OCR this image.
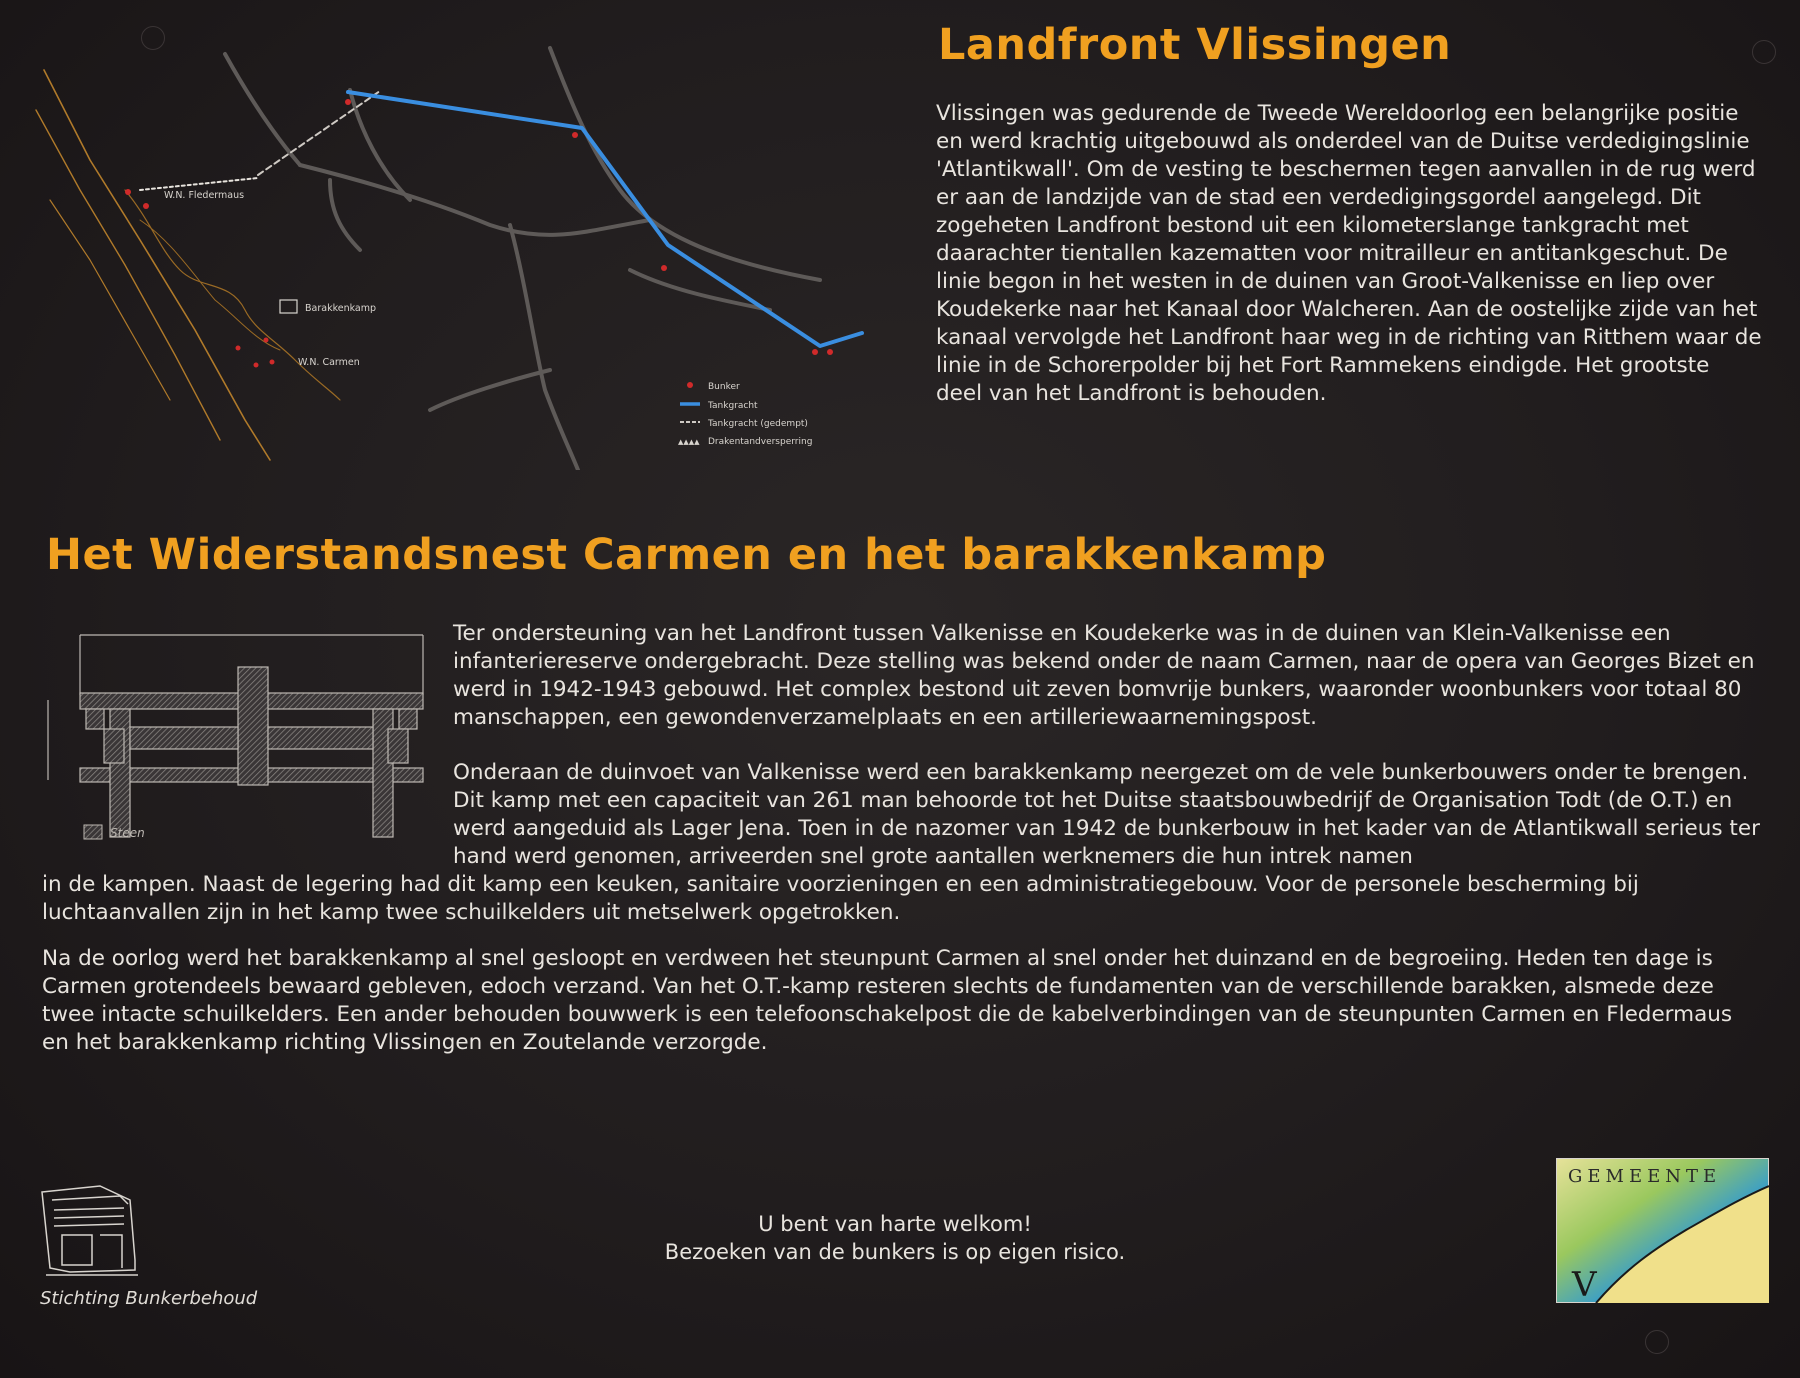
W.N. Fledermaus
Barakkenkamp
W.N. Carmen
Bunker
Tankgracht
Tankgracht (gedempt)
▲▲▲▲ Drakentandversperring
Landfront Vlissingen

Vlissingen was gedurende de Tweede Wereldoorlog een belangrijke positie en werd krachtig uitgebouwd als onderdeel van de Duitse verdedigingslinie 'Atlantikwall'. Om de vesting te beschermen tegen aanvallen in de rug werd er aan de landzijde van de stad een verdedigingsgordel aangelegd. Dit zogeheten Landfront bestond uit een kilometerslange tankgracht met daarachter tientallen kazematten voor mitrailleur en antitankgeschut. De linie begon in het westen in de duinen van Groot-Valkenisse en liep over Koudekerke naar het Kanaal door Walcheren. Aan de oostelijke zijde van het kanaal vervolgde het Landfront haar weg in de richting van Ritthem waar de linie in de Schorerpolder bij het Fort Rammekens eindigde. Het grootste deel van het Landfront is behouden.

Het Widerstandsnest Carmen en het barakkenkamp
Steen

Ter ondersteuning van het Landfront tussen Valkenisse en Koudekerke was in de duinen van Klein-Valkenisse een infanteriereserve ondergebracht. Deze stelling was bekend onder de naam Carmen, naar de opera van Georges Bizet en werd in 1942-1943 gebouwd. Het complex bestond uit zeven bomvrije bunkers, waaronder woonbunkers voor totaal 80 manschappen, een gewondenverzamelplaats en een artilleriewaarnemingspost.

Onderaan de duinvoet van Valkenisse werd een barakkenkamp neergezet om de vele bunkerbouwers onder te brengen. Dit kamp met een capaciteit van 261 man behoorde tot het Duitse staatsbouwbedrijf de Organisation Todt (de O.T.) en werd aangeduid als Lager Jena. Toen in de nazomer van 1942 de bunkerbouw in het kader van de Atlantikwall serieus ter hand werd genomen, arriveerden snel grote aantallen werknemers die hun intrek namen
in de kampen. Naast de legering had dit kamp een keuken, sanitaire voorzieningen en een administratiegebouw. Voor de personele bescherming bij luchtaanvallen zijn in het kamp twee schuilkelders uit metselwerk opgetrokken.

Na de oorlog werd het barakkenkamp al snel gesloopt en verdween het steunpunt Carmen al snel onder het duinzand en de begroeiing. Heden ten dage is Carmen grotendeels bewaard gebleven, edoch verzand. Van het O.T.-kamp resteren slechts de fundamenten van de verschillende barakken, alsmede deze twee intacte schuilkelders. Een ander behouden bouwwerk is een telefoonschakelpost die de kabelverbindingen van de steunpunten Carmen en Fledermaus en het barakkenkamp richting Vlissingen en Zoutelande verzorgde.

U bent van harte welkom!
Bezoeken van de bunkers is op eigen risico.
Stichting Bunkerbehoud
GEMEENTE
V
